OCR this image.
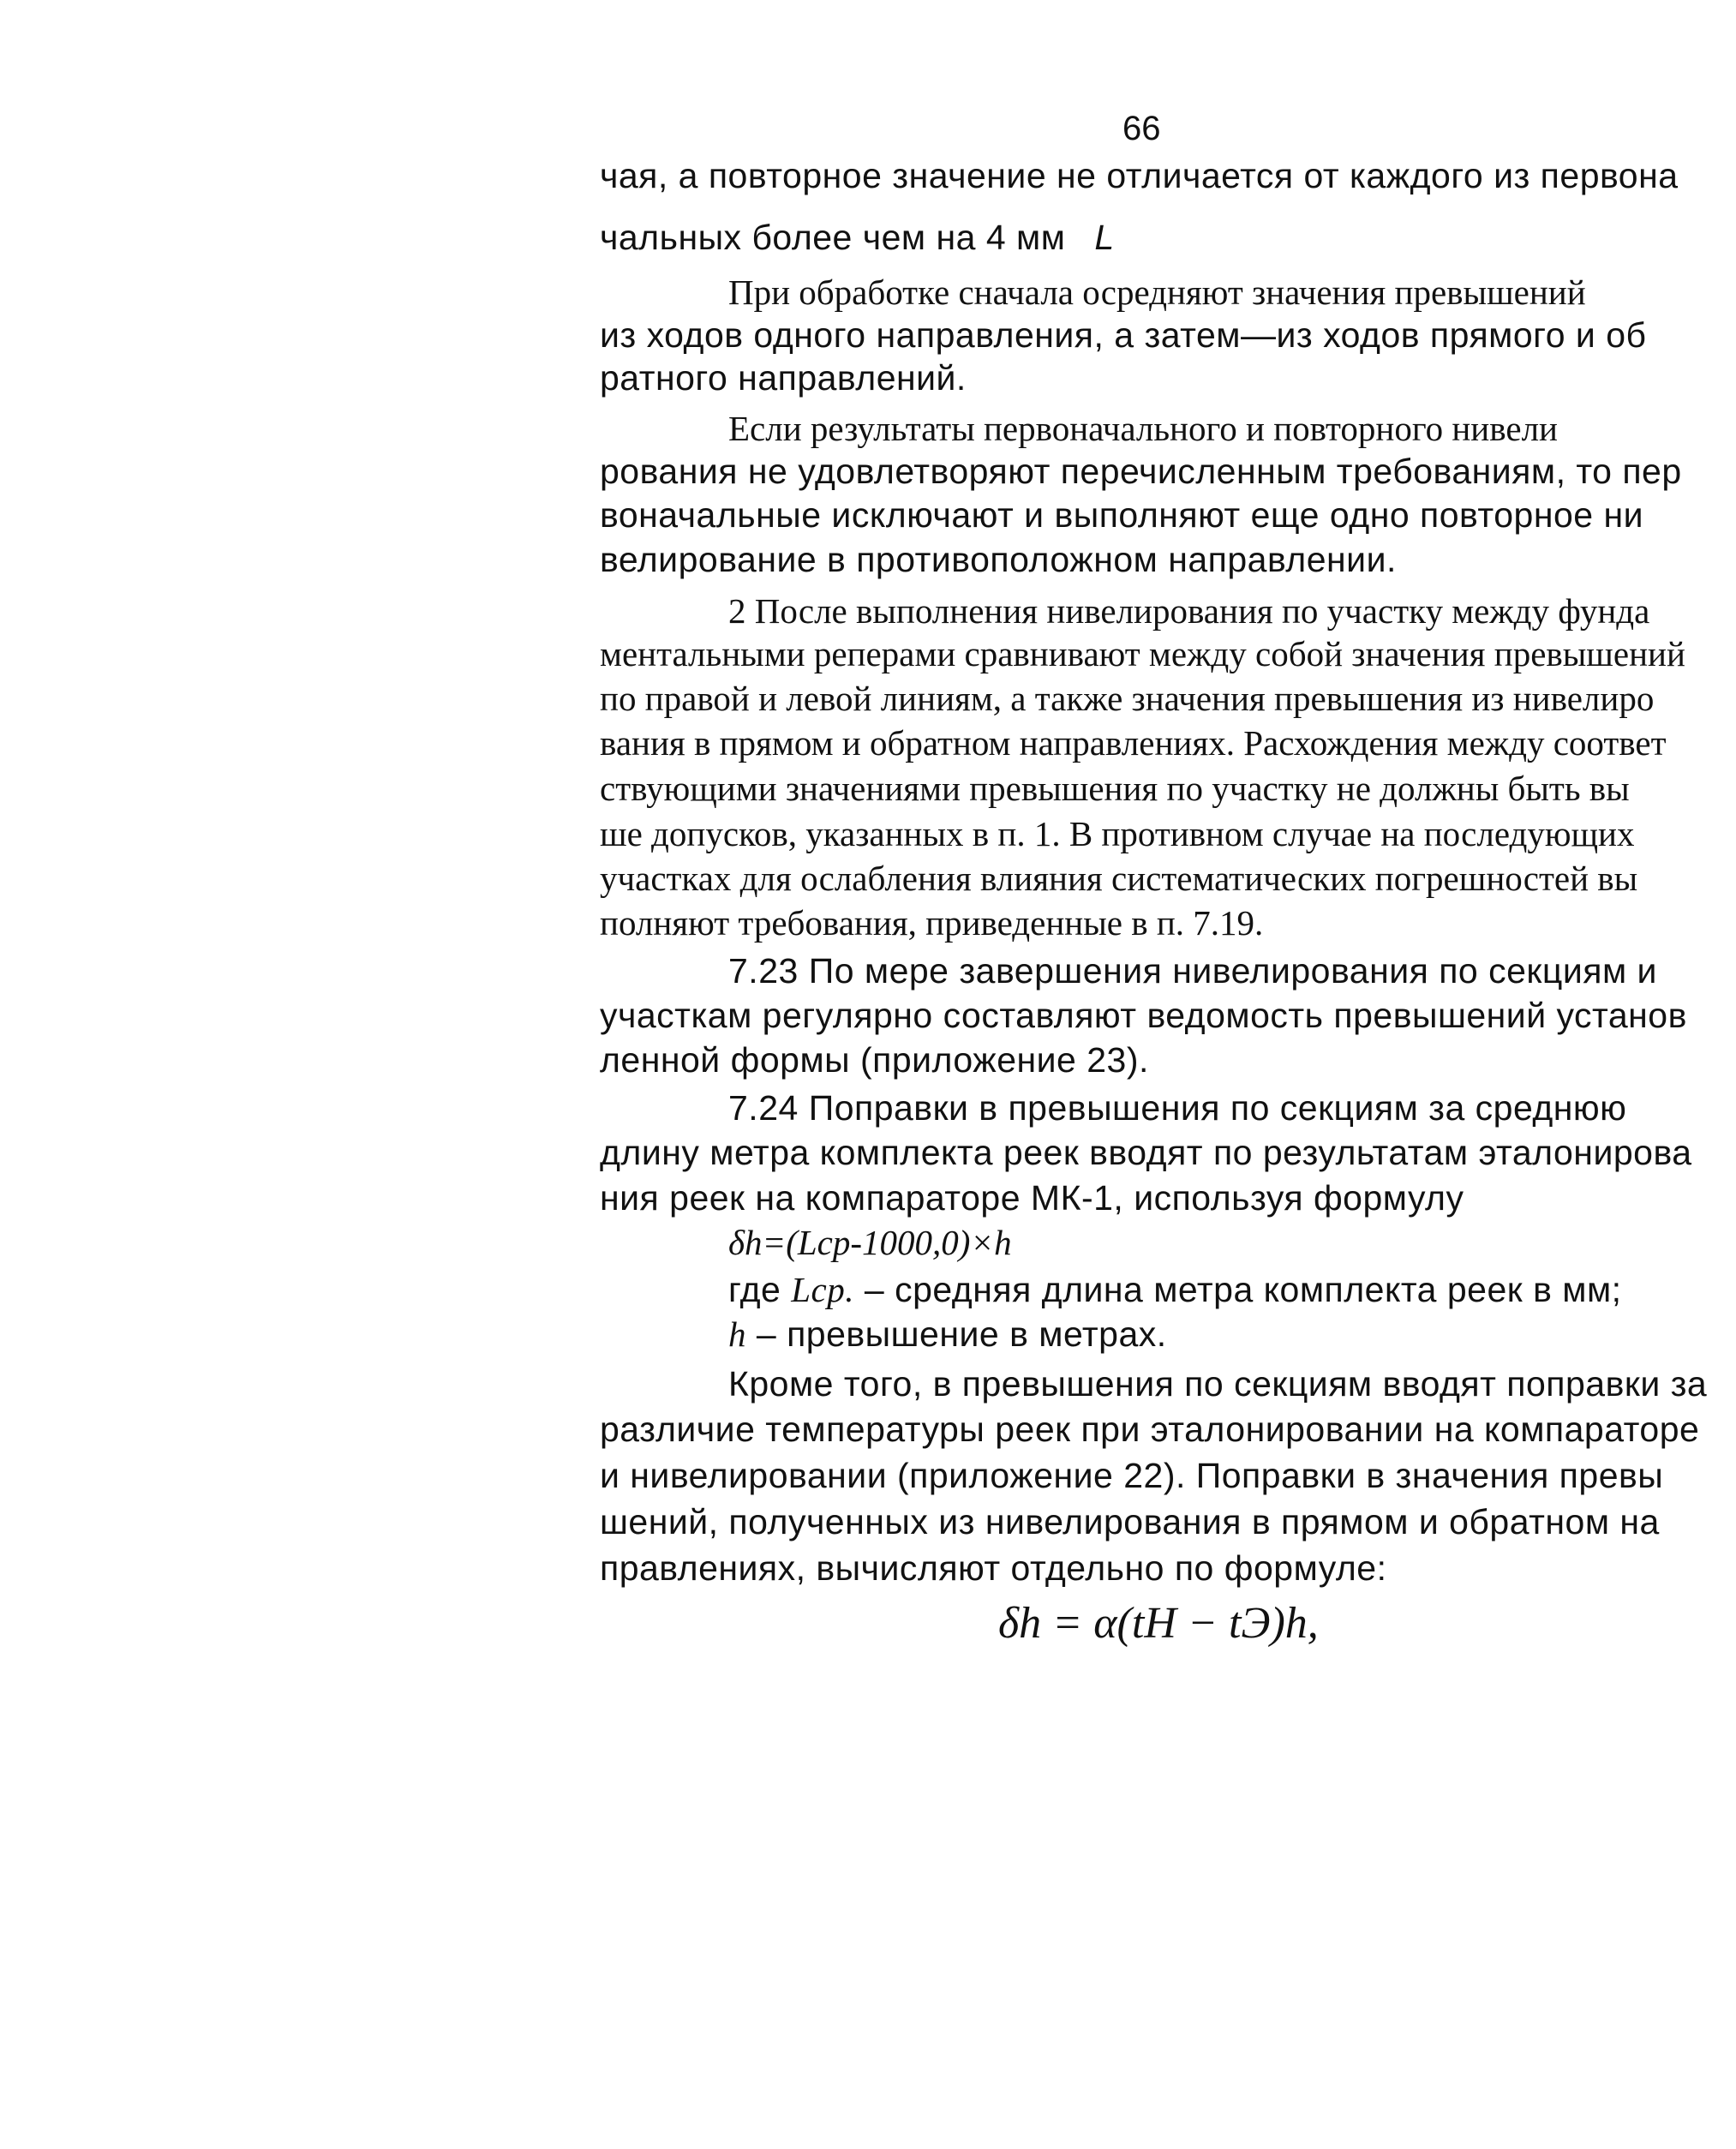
66
чая, а повторное значение не отличается от каждого из первона
чальных более чем на 4 мм L
При обработке сначала осредняют значения превышений
из ходов одного направления, а затем—из ходов прямого и об
ратного направлений.
Если результаты первоначального и повторного нивели
рования не удовлетворяют перечисленным требованиям, то пер
воначальные исключают и выполняют еще одно повторное ни
велирование в противоположном направлении.
2 После выполнения нивелирования по участку между фунда
ментальными реперами сравнивают между собой значения превышений
по правой и левой линиям, а также значения превышения из нивелиро
вания в прямом и обратном направлениях. Расхождения между соответ
ствующими значениями превышения по участку не должны быть вы
ше допусков, указанных в п. 1. В противном случае на последующих
участках для ослабления влияния систематических погрешностей вы
полняют требования, приведенные в п. 7.19.
7.23 По мере завершения нивелирования по секциям и
участкам регулярно составляют ведомость превышений установ
ленной формы (приложение 23).
7.24 Поправки в превышения по секциям за среднюю
длину метра комплекта реек вводят по результатам эталонирова
ния реек на компараторе МК-1, используя формулу
δh=(Lср-1000,0)×h
где Lср. – средняя длина метра комплекта реек в мм;
h – превышение в метрах.
Кроме того, в превышения по секциям вводят поправки за
различие температуры реек при эталонировании на компараторе
и нивелировании (приложение 22). Поправки в значения превы
шений, полученных из нивелирования в прямом и обратном на
правлениях, вычисляют отдельно по формуле:
δh = α(tН − tЭ)h,
